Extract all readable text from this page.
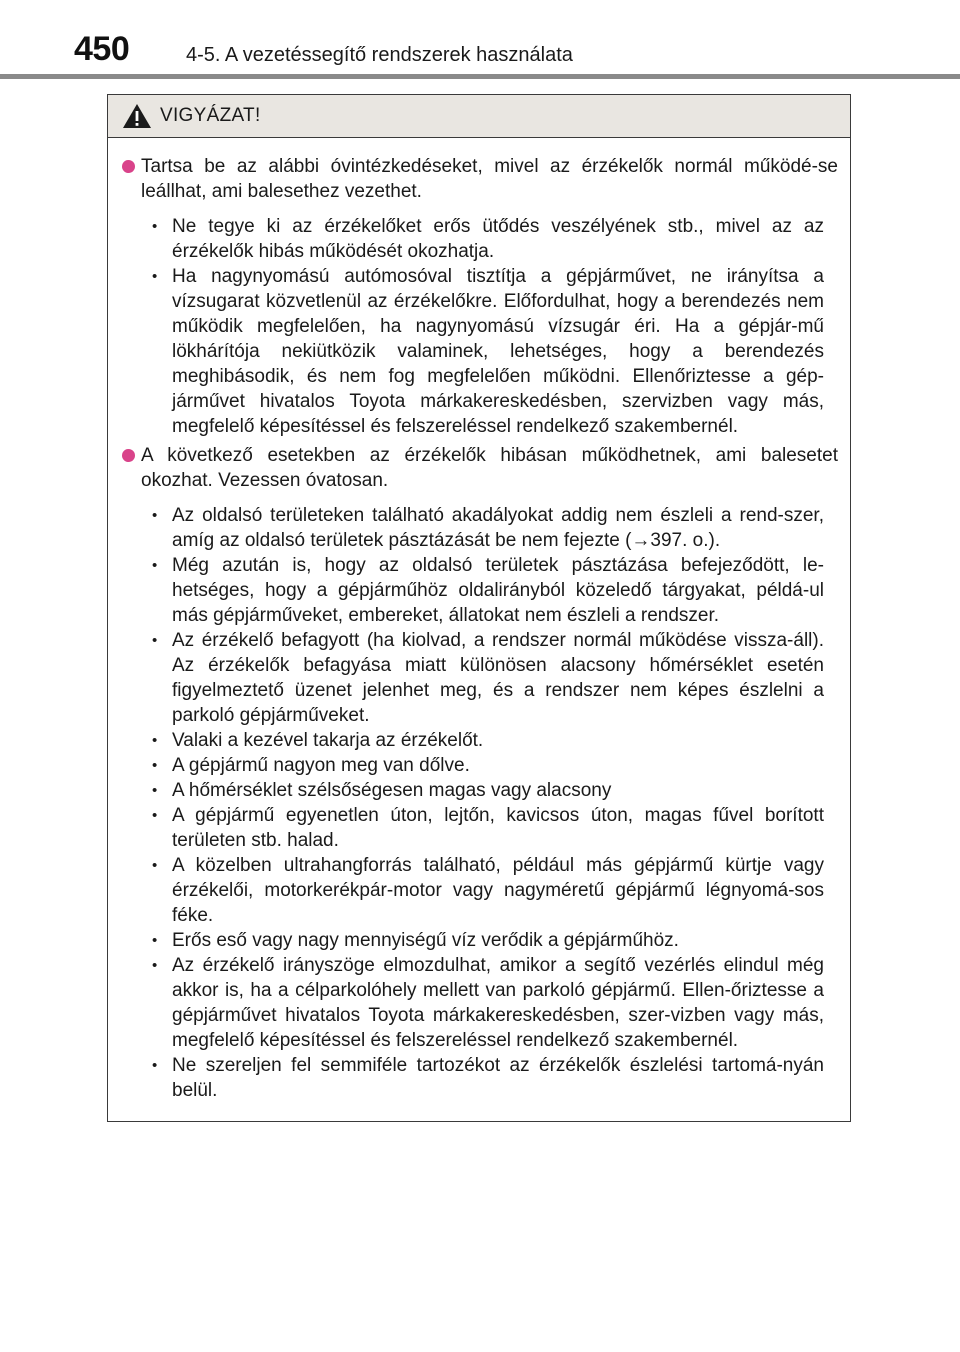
450	4-5. A vezetéssegítő rendszerek használata
VIGYÁZAT!
Tartsa be az alábbi óvintézkedéseket, mivel az érzékelők normál működé-se leállhat, ami balesethez vezethet.
• Ne tegye ki az érzékelőket erős ütődés veszélyének stb., mivel az az érzékelők hibás működését okozhatja.
• Ha nagynyomású autómosóval tisztítja a gépjárművet, ne irányítsa a vízsugarat közvetlenül az érzékelőkre. Előfordulhat, hogy a berendezés nem működik megfelelően, ha nagynyomású vízsugár éri. Ha a gépjár-mű lökhárítója nekiütközik valaminek, lehetséges, hogy a berendezés meghibásodik, és nem fog megfelelően működni. Ellenőriztesse a gép-járművet hivatalos Toyota márkakereskedésben, szervizben vagy más, megfelelő képesítéssel és felszereléssel rendelkező szakembernél.
A következő esetekben az érzékelők hibásan működhetnek, ami balesetet okozhat. Vezessen óvatosan.
• Az oldalsó területeken található akadályokat addig nem észleli a rend-szer, amíg az oldalsó területek pásztázását be nem fejezte (→397. o.).
• Még azután is, hogy az oldalsó területek pásztázása befejeződött, le-hetséges, hogy a gépjárműhöz oldalirányból közeledő tárgyakat, példá-ul más gépjárműveket, embereket, állatokat nem észleli a rendszer.
• Az érzékelő befagyott (ha kiolvad, a rendszer normál működése vissza-áll). Az érzékelők befagyása miatt különösen alacsony hőmérséklet esetén figyelmeztető üzenet jelenhet meg, és a rendszer nem képes észlelni a parkoló gépjárműveket.
• Valaki a kezével takarja az érzékelőt.
• A gépjármű nagyon meg van dőlve.
• A hőmérséklet szélsőségesen magas vagy alacsony
• A gépjármű egyenetlen úton, lejtőn, kavicsos úton, magas fűvel borított területen stb. halad.
• A közelben ultrahangforrás található, például más gépjármű kürtje vagy érzékelői, motorkerékpár-motor vagy nagyméretű gépjármű légnyomá-sos féke.
• Erős eső vagy nagy mennyiségű víz verődik a gépjárműhöz.
• Az érzékelő irányszöge elmozdulhat, amikor a segítő vezérlés elindul még akkor is, ha a célparkolóhely mellett van parkoló gépjármű. Ellen-őriztesse a gépjárművet hivatalos Toyota márkakereskedésben, szer-vizben vagy más, megfelelő képesítéssel és felszereléssel rendelkező szakembernél.
• Ne szereljen fel semmiféle tartozékot az érzékelők észlelési tartomá-nyán belül.
